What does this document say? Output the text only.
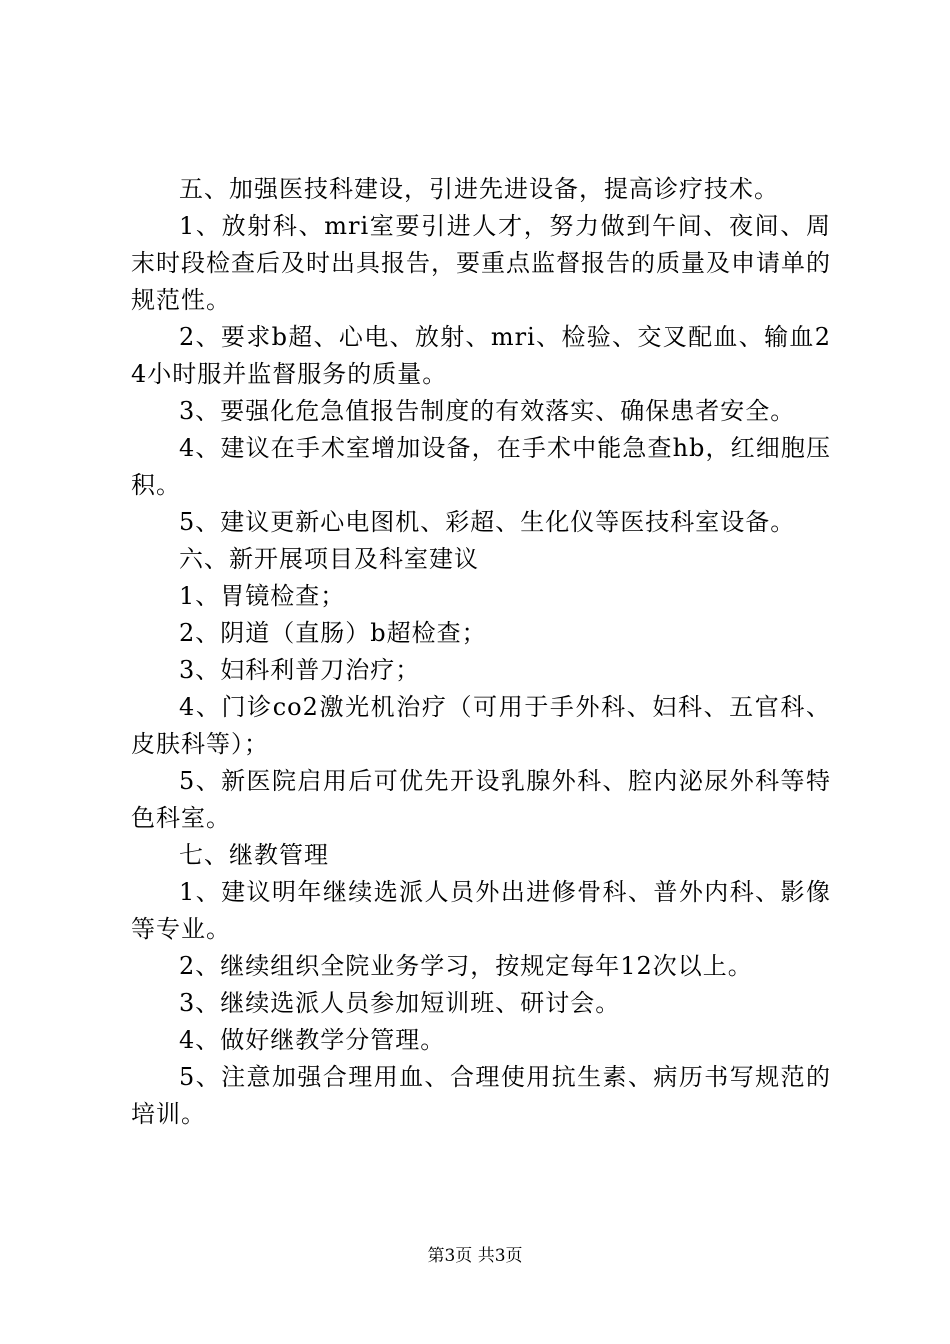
五、加强医技科建设，引进先进设备，提高诊疗技术。

1、放射科、mri室要引进人才，努力做到午间、夜间、周末时段检查后及时出具报告，要重点监督报告的质量及申请单的规范性。

2、要求b超、心电、放射、mri、检验、交叉配血、输血24小时服并监督服务的质量。

3、要强化危急值报告制度的有效落实、确保患者安全。

4、建议在手术室增加设备，在手术中能急查hb，红细胞压积。

5、建议更新心电图机、彩超、生化仪等医技科室设备。

六、新开展项目及科室建议

1、胃镜检查；

2、阴道（直肠）b超检查；

3、妇科利普刀治疗；

4、门诊co2激光机治疗（可用于手外科、妇科、五官科、皮肤科等）；

5、新医院启用后可优先开设乳腺外科、腔内泌尿外科等特色科室。

七、继教管理

1、建议明年继续选派人员外出进修骨科、普外内科、影像等专业。

2、继续组织全院业务学习，按规定每年12次以上。

3、继续选派人员参加短训班、研讨会。

4、做好继教学分管理。

5、注意加强合理用血、合理使用抗生素、病历书写规范的培训。

第3页 共3页
